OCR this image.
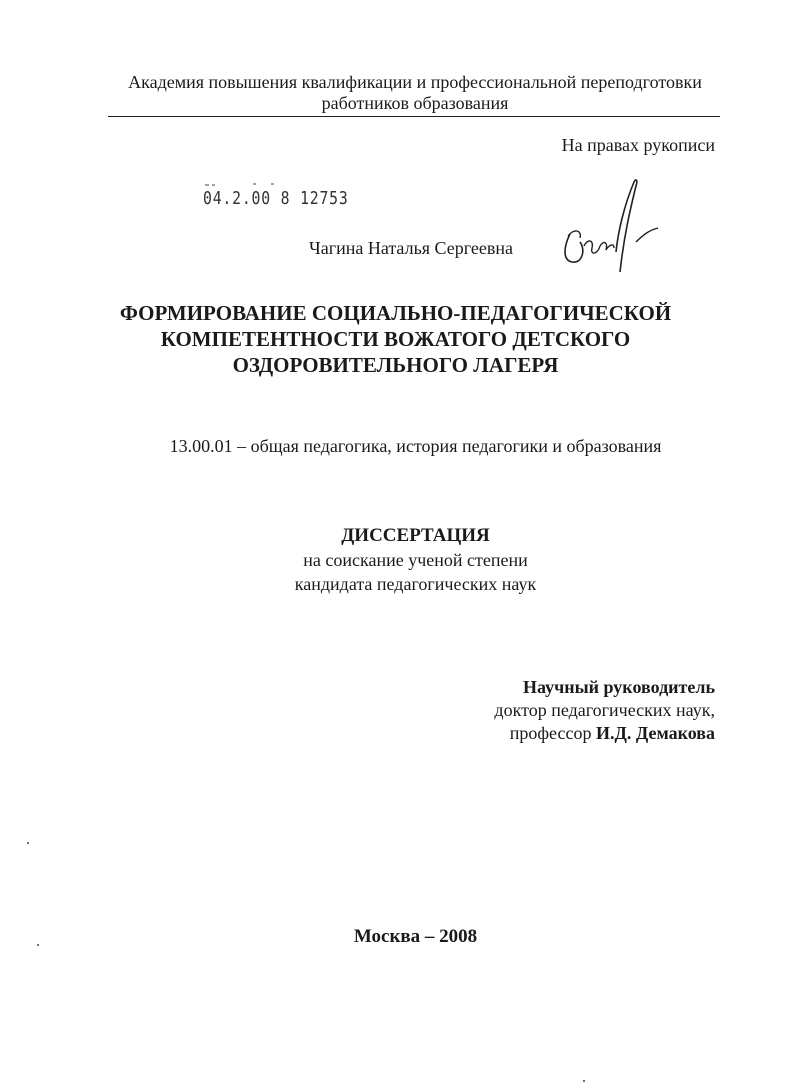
Академия повышения квалификации и профессиональной переподготовки
работников образования
На правах рукописи
04.2.00 8 12753
Чагина Наталья Сергеевна
ФОРМИРОВАНИЕ СОЦИАЛЬНО-ПЕДАГОГИЧЕСКОЙ
КОМПЕТЕНТНОСТИ ВОЖАТОГО ДЕТСКОГО
ОЗДОРОВИТЕЛЬНОГО ЛАГЕРЯ
13.00.01 – общая педагогика, история педагогики и образования
ДИССЕРТАЦИЯ
на соискание ученой степени
кандидата педагогических наук
Научный руководитель
доктор педагогических наук,
профессор И.Д. Демакова
Москва – 2008
